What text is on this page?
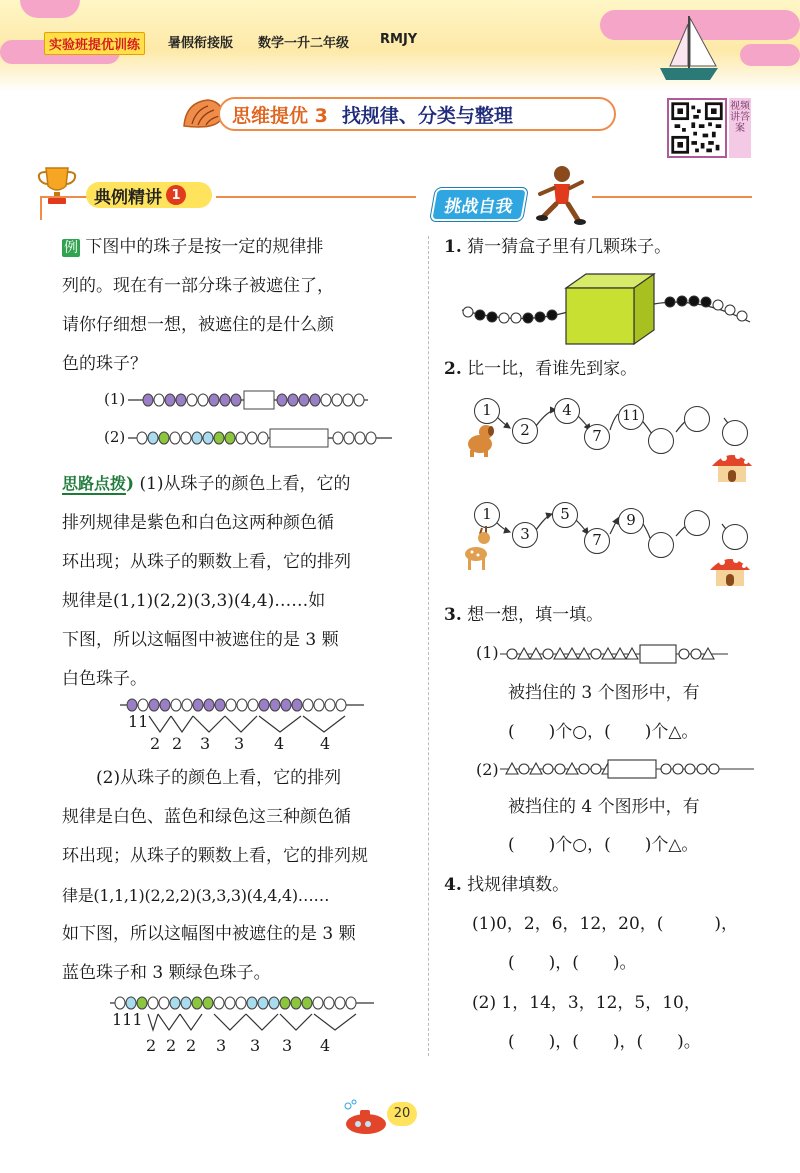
实验班提优训练	暑假衔接版 数学一升二年级 RMJY
思维提优 3 找规律、分类与整理	视频讲答案
典例精讲 1
例 下图中的珠子是按一定的规律排
列的。现在有一部分珠子被遮住了，
请你仔细想一想，被遮住的是什么颜
色的珠子？
(1)
(2)
思路点拨) (1)从珠子的颜色上看，它的
排列规律是紫色和白色这两种颜色循
环出现；从珠子的颗数上看，它的排列
规律是(1,1)(2,2)(3,3)(4,4)……如
下图，所以这幅图中被遮住的是 3 颗
白色珠子。
11
2 2 3 3 4 4
(2)从珠子的颜色上看，它的排列
规律是白色、蓝色和绿色这三种颜色循
环出现；从珠子的颗数上看，它的排列规
律是(1,1,1)(2,2,2)(3,3,3)(4,4,4)……
如下图，所以这幅图中被遮住的是 3 颗
蓝色珠子和 3 颗绿色珠子。
111
2 2 2 3 3 3 4
挑战自我
1. 猜一猜盒子里有几颗珠子。
2. 比一比，看谁先到家。
1
2
4
7
11
1
3
5
7
9
3. 想一想，填一填。
(1)
被挡住的 3 个图形中，有
(　　)个○，(　　)个△。
(2)
被挡住的 4 个图形中，有
(　　)个○，(　　)个△。
4. 找规律填数。
(1)0，2，6，12，20，(　　　)，
(　　)，(　　)。
(2) 1，14，3，12，5，10，
(　　)，(　　)，(　　)。
20
